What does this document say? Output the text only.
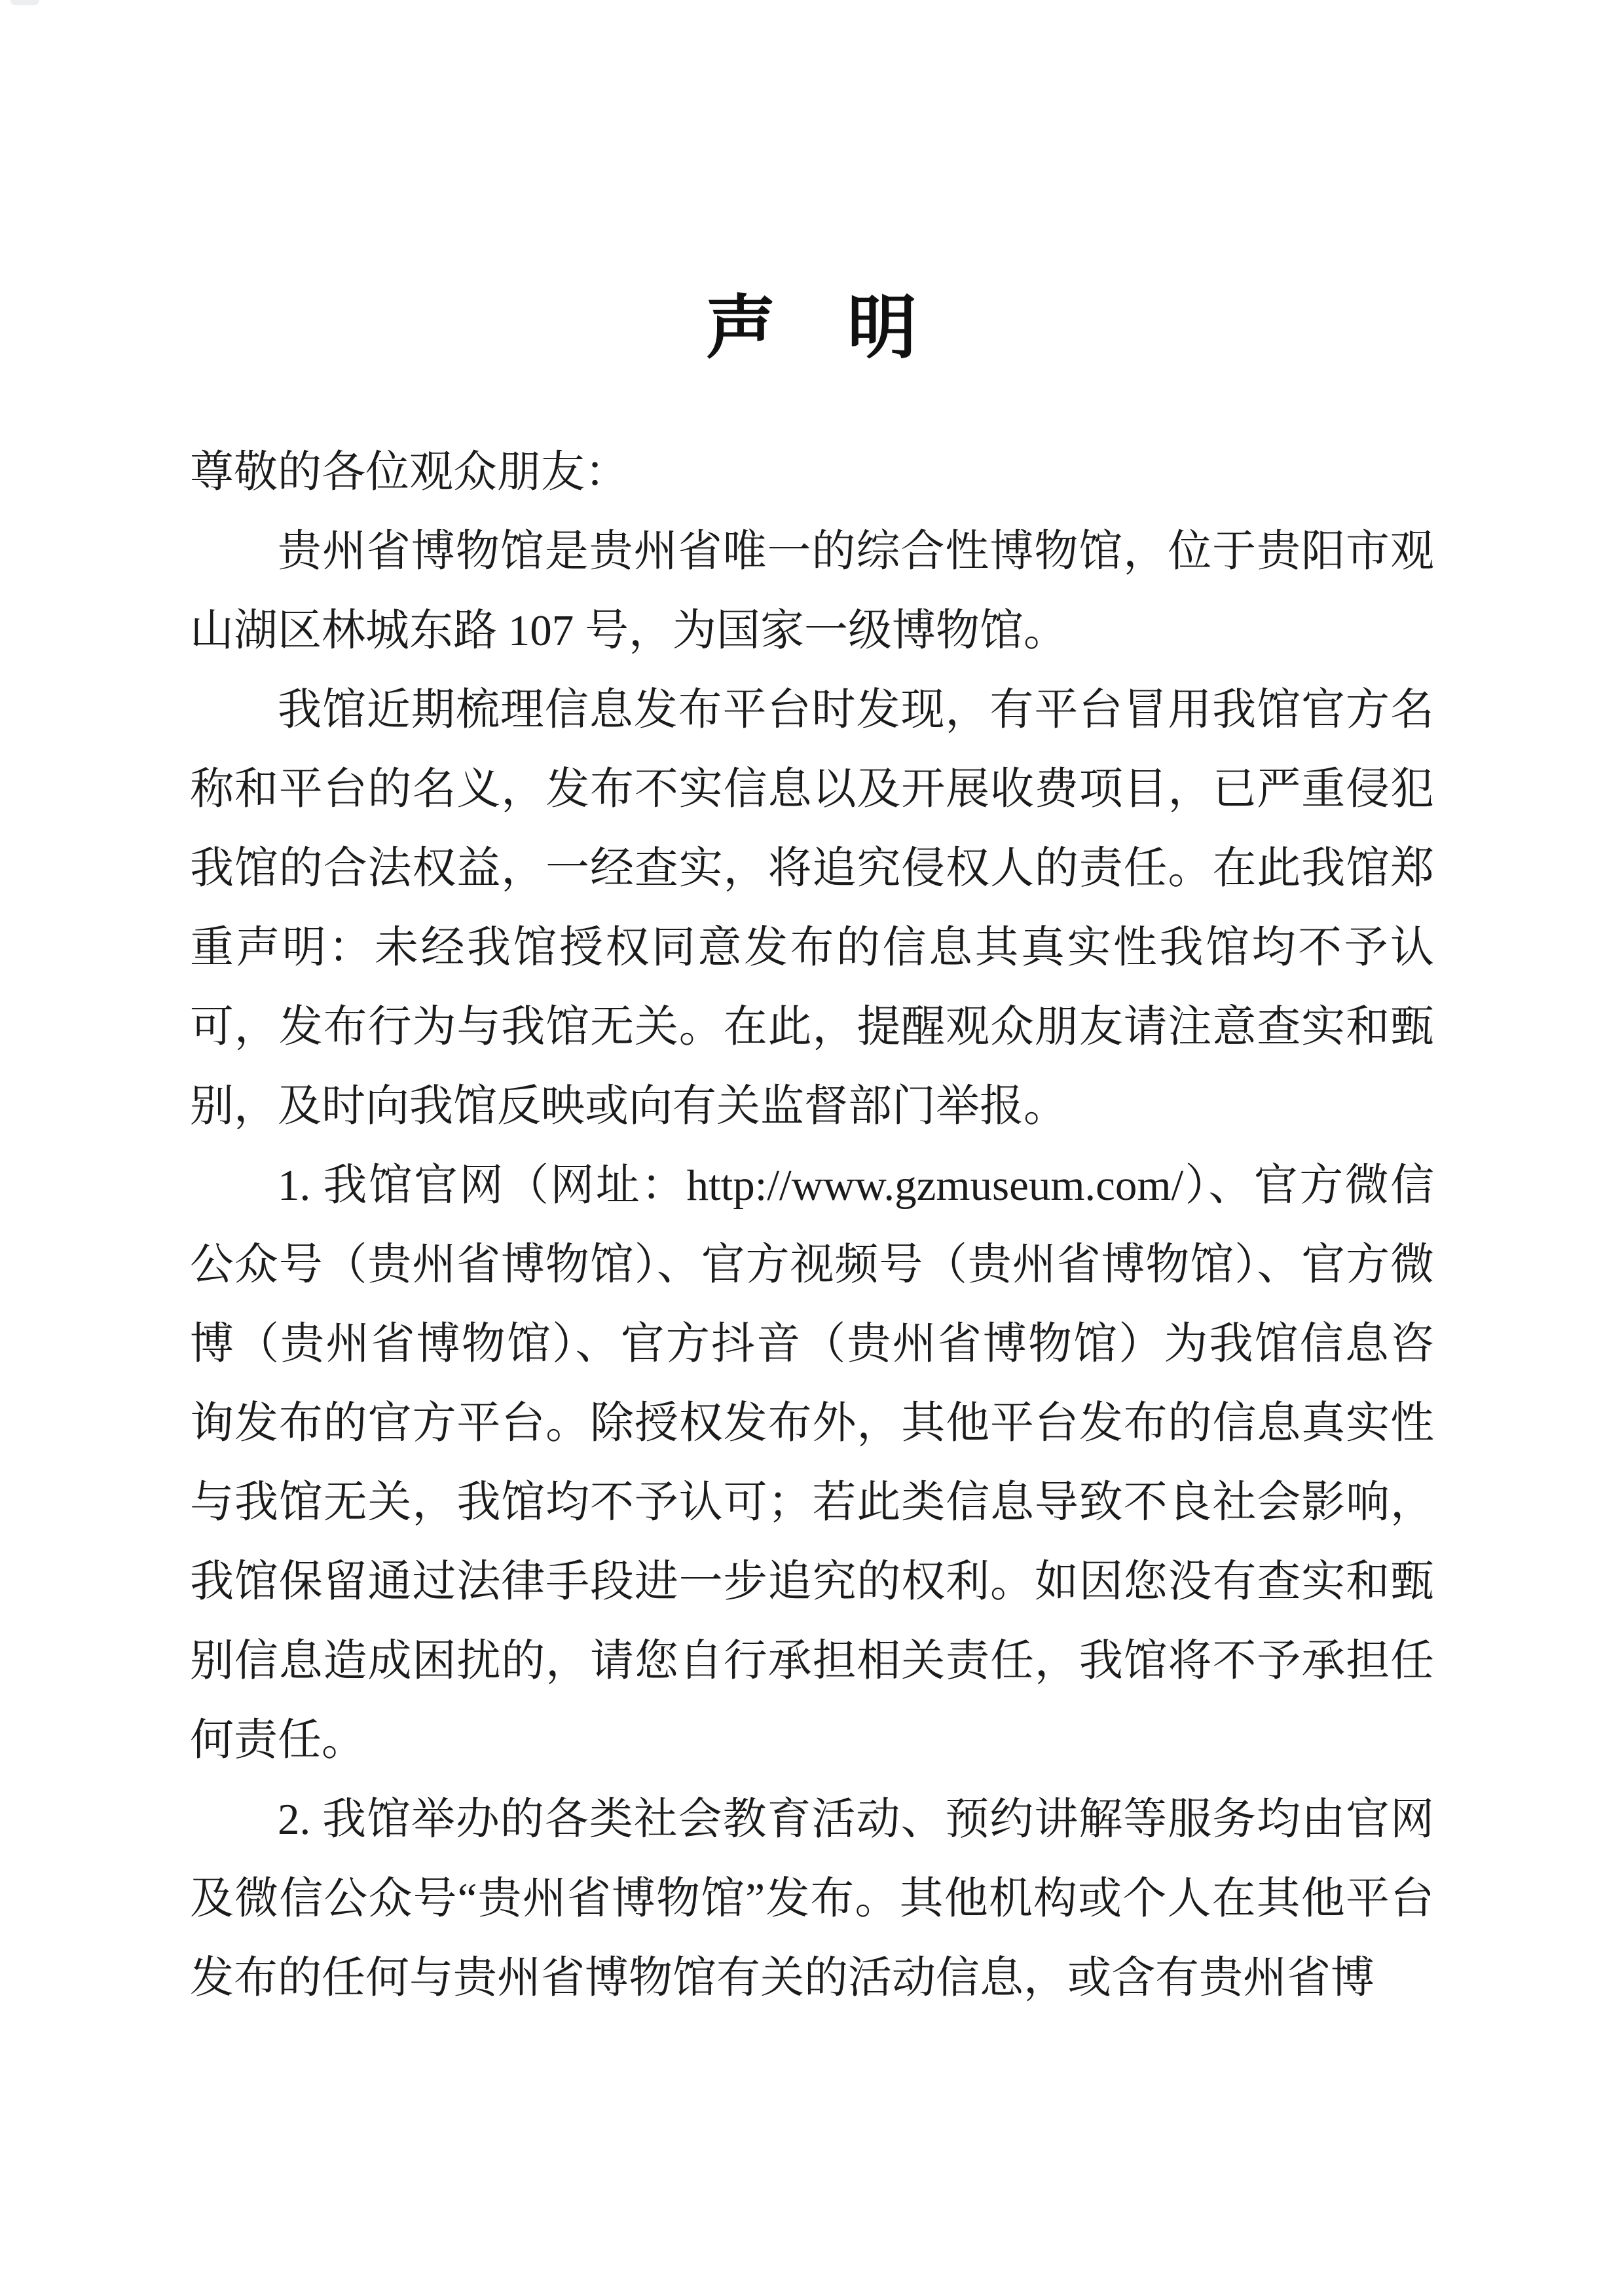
声　明

尊敬的各位观众朋友：

贵州省博物馆是贵州省唯一的综合性博物馆，位于贵阳市观山湖区林城东路 107 号，为国家一级博物馆。

我馆近期梳理信息发布平台时发现，有平台冒用我馆官方名称和平台的名义，发布不实信息以及开展收费项目，已严重侵犯我馆的合法权益，一经查实，将追究侵权人的责任。在此我馆郑重声明：未经我馆授权同意发布的信息其真实性我馆均不予认可，发布行为与我馆无关。在此，提醒观众朋友请注意查实和甄别，及时向我馆反映或向有关监督部门举报。

1. 我馆官网（网址：http://www.gzmuseum.com/）、官方微信公众号（贵州省博物馆）、官方视频号（贵州省博物馆）、官方微博（贵州省博物馆）、官方抖音（贵州省博物馆）为我馆信息咨询发布的官方平台。除授权发布外，其他平台发布的信息真实性与我馆无关，我馆均不予认可；若此类信息导致不良社会影响，我馆保留通过法律手段进一步追究的权利。如因您没有查实和甄别信息造成困扰的，请您自行承担相关责任，我馆将不予承担任何责任。

2. 我馆举办的各类社会教育活动、预约讲解等服务均由官网及微信公众号“贵州省博物馆”发布。其他机构或个人在其他平台发布的任何与贵州省博物馆有关的活动信息，或含有贵州省博
